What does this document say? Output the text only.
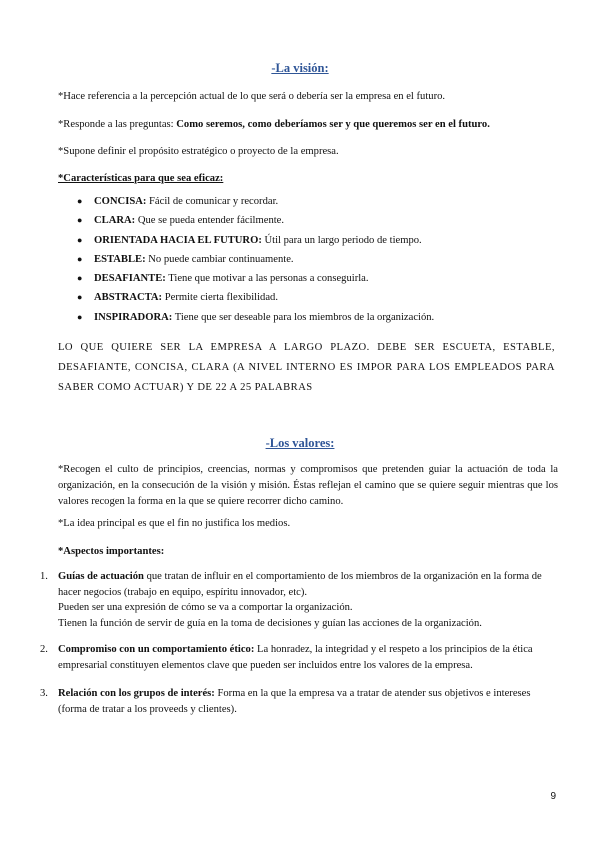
-La visión:

*Hace referencia a la percepción actual de lo que será o debería ser la empresa en el futuro.

*Responde a las preguntas: Como seremos, como deberíamos ser y que queremos ser en el futuro.

*Supone definir el propósito estratégico o proyecto de la empresa.

*Características para que sea eficaz:

● CONCISA: Fácil de comunicar y recordar.
● CLARA: Que se pueda entender fácilmente.
● ORIENTADA HACIA EL FUTURO: Útil para un largo periodo de tiempo.
● ESTABLE: No puede cambiar continuamente.
● DESAFIANTE: Tiene que motivar a las personas a conseguirla.
● ABSTRACTA: Permite cierta flexibilidad.
● INSPIRADORA: Tiene que ser deseable para los miembros de la organización.

LO QUE QUIERE SER LA EMPRESA A LARGO PLAZO. DEBE SER ESCUETA, ESTABLE, DESAFIANTE, CONCISA, CLARA (A NIVEL INTERNO ES IMPOR PARA LOS EMPLEADOS PARA SABER COMO ACTUAR) Y DE 22 A 25 PALABRAS

-Los valores:

*Recogen el culto de principios, creencias, normas y compromisos que pretenden guiar la actuación de toda la organización, en la consecución de la visión y misión. Éstas reflejan el camino que se quiere seguir mientras que los valores recogen la forma en la que se quiere recorrer dicho camino.

*La idea principal es que el fin no justifica los medios.

*Aspectos importantes:

1. Guías de actuación que tratan de influir en el comportamiento de los miembros de la organización en la forma de hacer negocios (trabajo en equipo, espíritu innovador, etc).
Pueden ser una expresión de cómo se va a comportar la organización.
Tienen la función de servir de guía en la toma de decisiones y guían las acciones de la organización.

2. Compromiso con un comportamiento ético: La honradez, la integridad y el respeto a los principios de la ética empresarial constituyen elementos clave que pueden ser incluidos entre los valores de la empresa.

3. Relación con los grupos de interés: Forma en la que la empresa va a tratar de atender sus objetivos e intereses (forma de tratar a los proveeds y clientes).

9
